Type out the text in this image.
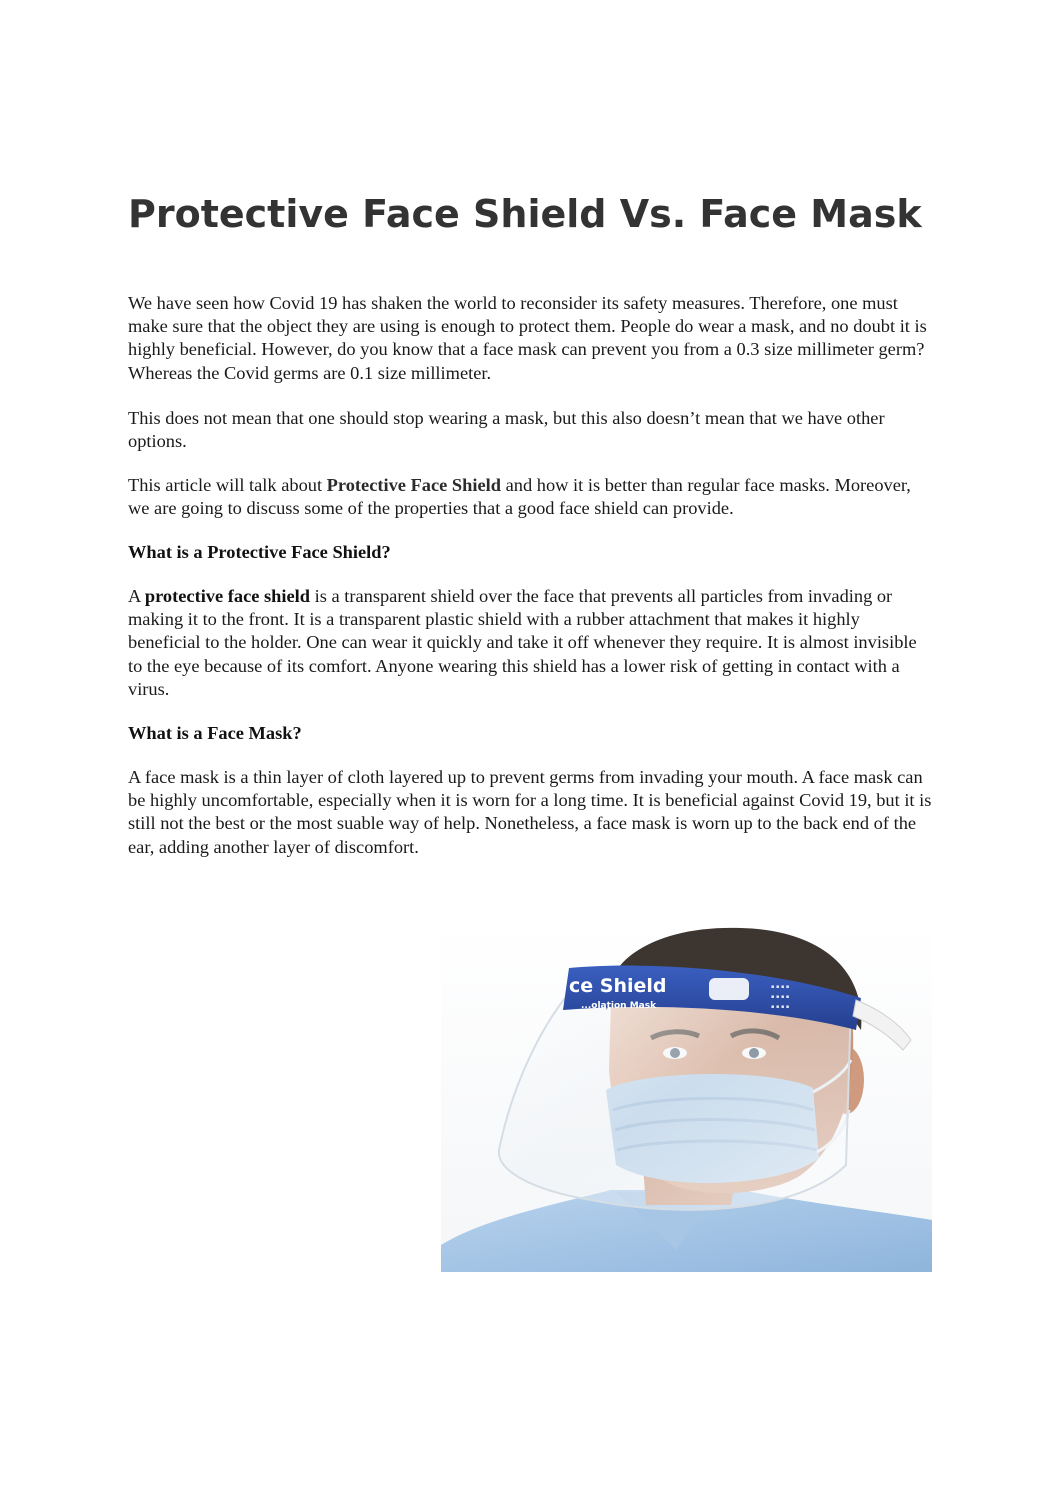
Protective Face Shield Vs. Face Mask

We have seen how Covid 19 has shaken the world to reconsider its safety measures. Therefore, one must make sure that the object they are using is enough to protect them. People do wear a mask, and no doubt it is highly beneficial. However, do you know that a face mask can prevent you from a 0.3 size millimeter germ? Whereas the Covid germs are 0.1 size millimeter.

This does not mean that one should stop wearing a mask, but this also doesn’t mean that we have other options.

This article will talk about Protective Face Shield and how it is better than regular face masks. Moreover, we are going to discuss some of the properties that a good face shield can provide.

What is a Protective Face Shield?

A protective face shield is a transparent shield over the face that prevents all particles from invading or making it to the front. It is a transparent plastic shield with a rubber attachment that makes it highly beneficial to the holder. One can wear it quickly and take it off whenever they require. It is almost invisible to the eye because of its comfort. Anyone wearing this shield has a lower risk of getting in contact with a virus.

What is a Face Mask?

A face mask is a thin layer of cloth layered up to prevent germs from invading your mouth. A face mask can be highly uncomfortable, especially when it is worn for a long time. It is beneficial against Covid 19, but it is still not the best or the most suable way of help. Nonetheless, a face mask is worn up to the back end of the ear, adding another layer of discomfort.

ce Shield
...olation Mask
▪ ▪ ▪ ▪
▪ ▪ ▪ ▪
▪ ▪ ▪ ▪
